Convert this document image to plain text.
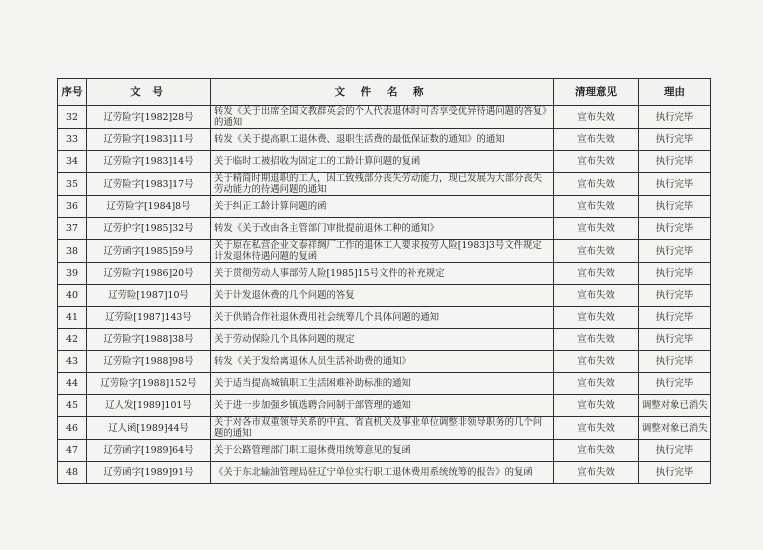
序号	文 号	文 件 名 称	清理意见	理由
32	辽劳险字[1982]28号	转发《关于出席全国文教群英会的个人代表退休时可否享受优异待遇问题的答复》的通知	宣布失效	执行完毕
33	辽劳险字[1983]11号	转发《关于提高职工退休费、退职生活费的最低保证数的通知》的通知	宣布失效	执行完毕
34	辽劳险字[1983]14号	关于临时工被招收为固定工的工龄计算问题的复函	宣布失效	执行完毕
35	辽劳险字[1983]17号	关于精简时期退职的工人，因工致残部分丧失劳动能力，现已发展为大部分丧失劳动能力的待遇问题的通知	宣布失效	执行完毕
36	辽劳险字[1984]8号	关于纠正工龄计算问题的函	宣布失效	执行完毕
37	辽劳护字[1985]32号	转发《关于改由各主管部门审批提前退休工种的通知》	宣布失效	执行完毕
38	辽劳函字[1985]59号	关于原在私营企业文泰祥绸厂工作的退休工人要求按劳人险[1983]3号文件规定计发退休待遇问题的复函	宣布失效	执行完毕
39	辽劳险字[1986]20号	关于贯彻劳动人事部劳人险[1985]15号文件的补充规定	宣布失效	执行完毕
40	辽劳险[1987]10号	关于计发退休费的几个问题的答复	宣布失效	执行完毕
41	辽劳险[1987]143号	关于供销合作社退休费用社会统筹几个具体问题的通知	宣布失效	执行完毕
42	辽劳险字[1988]38号	关于劳动保险几个具体问题的规定	宣布失效	执行完毕
43	辽劳险字[1988]98号	转发《关于发给离退休人员生活补助费的通知》	宣布失效	执行完毕
44	辽劳险字[1988]152号	关于适当提高城镇职工生活困难补助标准的通知	宣布失效	执行完毕
45	辽人发[1989]101号	关于进一步加强乡镇选聘合同制干部管理的通知	宣布失效	调整对象已消失
46	辽人函[1989]44号	关于对各市双重领导关系的中直、省直机关及事业单位调整非领导职务的几个问题的通知	宣布失效	调整对象已消失
47	辽劳函字[1989]64号	关于公路管理部门职工退休费用统筹意见的复函	宣布失效	执行完毕
48	辽劳函字[1989]91号	《关于东北输油管理局驻辽宁单位实行职工退休费用系统统筹的报告》的复函	宣布失效	执行完毕
